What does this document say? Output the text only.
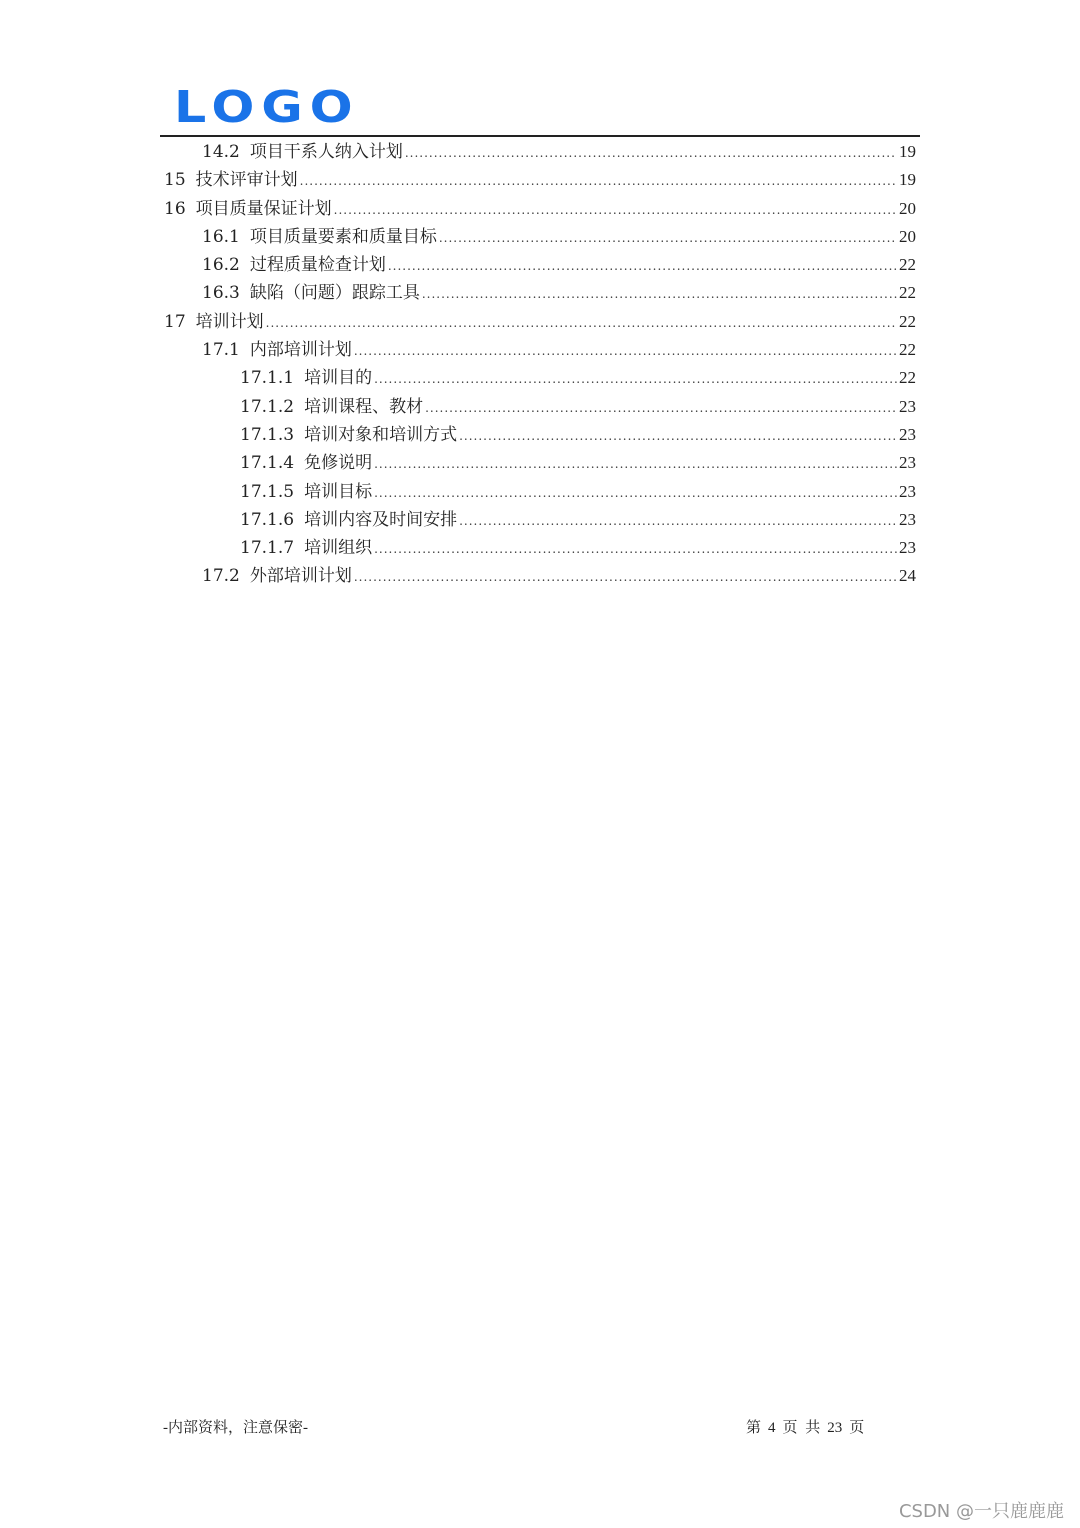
LOGO
14.2 项目干系人纳入计划 .....	19
15 技术评审计划 .....	19
16 项目质量保证计划 .....	20
16.1 项目质量要素和质量目标 .....	20
16.2 过程质量检查计划 .....	22
16.3 缺陷（问题）跟踪工具 .....	22
17 培训计划 .....	22
17.1 内部培训计划 .....	22
17.1.1 培训目的 .....	22
17.1.2 培训课程、教材 .....	23
17.1.3 培训对象和培训方式 .....	23
17.1.4 免修说明 .....	23
17.1.5 培训目标 .....	23
17.1.6 培训内容及时间安排 .....	23
17.1.7 培训组织 .....	23
17.2 外部培训计划 .....	24
-内部资料，注意保密-	第 4 页 共 23 页
CSDN @一只鹿鹿鹿
